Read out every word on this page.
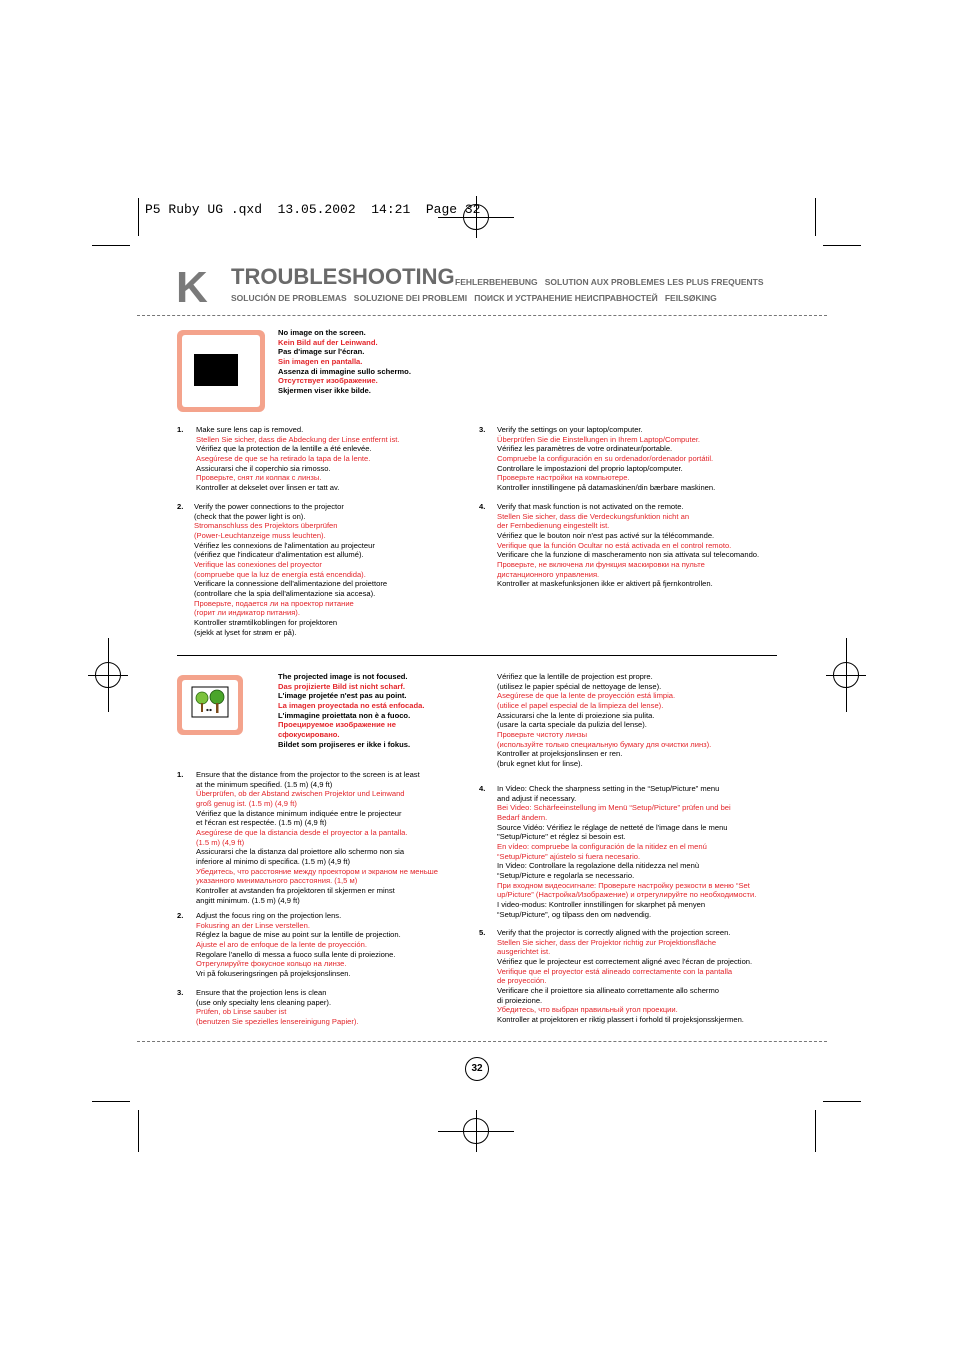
P5 Ruby UG .qxd  13.05.2002  14:21  Page 32
K TROUBLESHOOTING FEHLERBEHEBUNG   SOLUTION AUX PROBLEMES LES PLUS FREQUENTS
SOLUCIÓN DE PROBLEMAS   SOLUZIONE DEI PROBLEMI   ПОИСК И УСТРАНЕНИЕ НЕИСПРАВНОСТЕЙ   FEILSØKING
No image on the screen.
Kein Bild auf der Leinwand.
Pas d'image sur l'écran.
Sin imagen en pantalla.
Assenza di immagine sullo schermo.
Отсутствует изображение.
Skjermen viser ikke bilde.
1. Make sure lens cap is removed.
Stellen Sie sicher, dass die Abdeckung der Linse entfernt ist.
Vérifiez que la protection de la lentille a été enlevée.
Asegúrese de que se ha retirado la tapa de la lente.
Assicurarsi che il coperchio sia rimosso.
Проверьте, снят ли колпак с линзы.
Kontroller at dekselet over linsen er tatt av.
2. Verify the power connections to the projector
(check that the power light is on).
Stromanschluss des Projektors überprüfen
(Power-Leuchtanzeige muss leuchten).
Vérifiez les connexions de l'alimentation au projecteur
(vérifiez que l'indicateur d'alimentation est allumé).
Verifique las conexiones del proyector
(compruebe que la luz de energía está encendida).
Verificare la connessione dell'alimentazione del proiettore
(controllare che la spia dell'alimentazione sia accesa).
Проверьте, подается ли на проектор питание
(горит ли индикатор питания).
Kontroller strømtilkoblingen for projektoren
(sjekk at lyset for strøm er på).
3. Verify the settings on your laptop/computer.
Überprüfen Sie die Einstellungen in Ihrem Laptop/Computer.
Vérifiez les paramètres de votre ordinateur/portable.
Compruebe la configuración en su ordenador/ordenador portátil.
Controllare le impostazioni del proprio laptop/computer.
Проверьте настройки на компьютере.
Kontroller innstillingene på datamaskinen/din bærbare maskinen.
4. Verify that mask function is not activated on the remote.
Stellen Sie sicher, dass die Verdeckungsfunktion nicht an
der Fernbedienung eingestellt ist.
Vérifiez que le bouton noir n'est pas activé sur la télécommande.
Verifique que la función Ocultar no está activada en el control remoto.
Verificare che la funzione di mascheramento non sia attivata sul telecomando.
Проверьте, не включена ли функция маскировки на пульте
дистанционного управления.
Kontroller at maskefunksjonen ikke er aktivert på fjernkontrollen.
The projected image is not focused.
Das projizierte Bild ist nicht scharf.
L'image projetée n'est pas au point.
La imagen proyectada no está enfocada.
L'immagine proiettata non è a fuoco.
Проецируемое изображение не
сфокусировано.
Bildet som projiseres er ikke i fokus.
1. Ensure that the distance from the projector to the screen is at least
at the minimum specified. (1.5 m) (4,9 ft)
Überprüfen, ob der Abstand zwischen Projektor und Leinwand
groß genug ist. (1.5 m) (4,9 ft)
Vérifiez que la distance minimum indiquée entre le projecteur
et l'écran est respectée. (1.5 m) (4,9 ft)
Asegúrese de que la distancia desde el proyector a la pantalla.
(1.5 m) (4,9 ft)
Assicurarsi che la distanza dal proiettore allo schermo non sia
inferiore al minimo di specifica. (1.5 m) (4,9 ft)
Убедитесь, что расстояние между проектором и экраном не меньше
указанного минимального расстояния. (1,5 м)
Kontroller at avstanden fra projektoren til skjermen er minst
angitt minimum. (1.5 m) (4,9 ft)
2. Adjust the focus ring on the projection lens.
Fokusring an der Linse verstellen.
Réglez la bague de mise au point sur la lentille de projection.
Ajuste el aro de enfoque de la lente de proyección.
Regolare l'anello di messa a fuoco sulla lente di proiezione.
Отрегулируйте фокусное кольцо на линзе.
Vri på fokuseringsringen på projeksjonslinsen.
3. Ensure that the projection lens is clean
(use only specialty lens cleaning paper).
Prüfen, ob Linse sauber ist
(benutzen Sie spezielles lensereinigung Papier).
Vérifiez que la lentille de projection est propre.
(utilisez le papier spécial de nettoyage de lense).
Asegúrese de que la lente de proyección está limpia.
(utilice el papel especial de la limpieza del lense).
Assicurarsi che la lente di proiezione sia pulita.
(usare la carta speciale da pulizia del lense).
Проверьте чистоту линзы
(используйте только специальную бумагу для очистки линз).
Kontroller at projeksjonslinsen er ren.
(bruk egnet klut for linse).
4. In Video: Check the sharpness setting in the “Setup/Picture” menu
and adjust if necessary.
Bei Video: Schärfeeinstellung im Menü “Setup/Picture” prüfen und bei
Bedarf ändern.
Source Vidéo: Vérifiez le réglage de netteté de l'image dans le menu
"Setup/Picture" et réglez si besoin est.
En vídeo: compruebe la configuración de la nitidez en el menú
“Setup/Picture” ajústelo si fuera necesario.
In Video: Controllare la regolazione della nitidezza nel menù
“Setup/Picture e regolarla se necessario.
При входном видеосигнале: Проверьте настройку резкости в меню “Set
up/Picture” (Настройка/Изображение) и отрегулируйте по необходимости.
I video-modus: Kontroller innstillingen for skarphet på menyen
“Setup/Picture”, og tilpass den om nødvendig.
5. Verify that the projector is correctly aligned with the projection screen.
Stellen Sie sicher, dass der Projektor richtig zur Projektionsfläche
ausgerichtet ist.
Vérifiez que le projecteur est correctement aligné avec l'écran de projection.
Verifique que el proyector está alineado correctamente con la pantalla
de proyección.
Verificare che il proiettore sia allineato correttamente allo schermo
di proiezione.
Убедитесь, что выбран правильный угол проекции.
Kontroller at projektoren er riktig plassert i forhold til projeksjonsskjermen.
32
